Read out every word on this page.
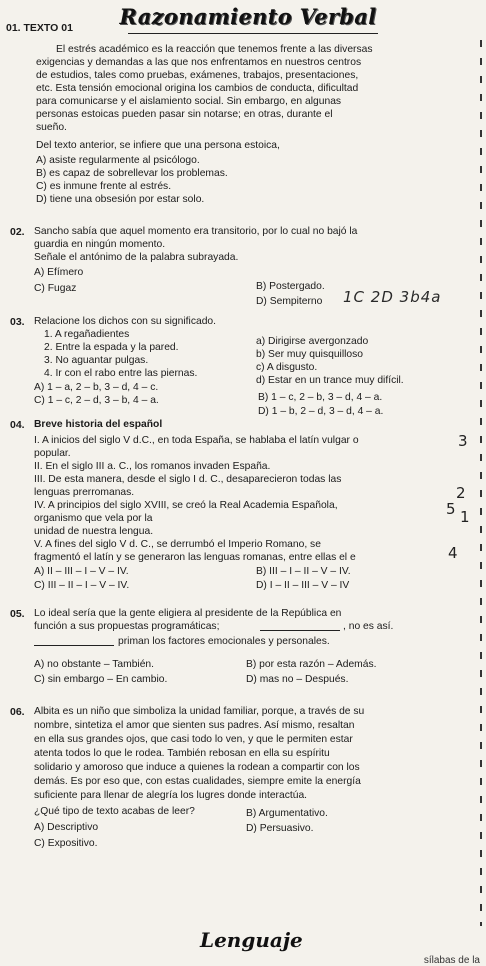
Razonamiento Verbal
01. TEXTO 01
El estrés académico es la reacción que tenemos frente a las diversas
exigencias y demandas a las que nos enfrentamos en nuestros centros
de estudios, tales como pruebas, exámenes, trabajos, presentaciones,
etc. Esta tensión emocional origina los cambios de conducta, dificultad
para comunicarse y el aislamiento social. Sin embargo, en algunas
personas estoicas pueden pasar sin notarse; en otras, durante el
sueño.
Del texto anterior, se infiere que una persona estoica,
A) asiste regularmente al psicólogo.
B) es capaz de sobrellevar los problemas.
C) es inmune frente al estrés.
D) tiene una obsesión por estar solo.
02. Sancho sabía que aquel momento era transitorio, por lo cual no bajó la
guardia en ningún momento.
Señale el antónimo de la palabra subrayada.
A) Efímero
B) Postergado.
C) Fugaz
D) Sempiterno 1C 2D 3b4a
03. Relacione los dichos con su significado.
1. A regañadientes
2. Entre la espada y la pared.
3. No aguantar pulgas.
4. Ir con el rabo entre las piernas.
a) Dirigirse avergonzado
b) Ser muy quisquilloso
c) A disgusto.
d) Estar en un trance muy difícil.
A) 1 – a, 2 – b, 3 – d, 4 – c.
B) 1 – c, 2 – b, 3 – d, 4 – a.
C) 1 – c, 2 – d, 3 – b, 4 – a.
D) 1 – b, 2 – d, 3 – d, 4 – a.
04. Breve historia del español
I. A inicios del siglo V d.C., en toda España, se hablaba el latín vulgar o
popular.
II. En el siglo III a. C., los romanos invaden España.
III. De esta manera, desde el siglo I d. C., desaparecieron todas las
lenguas prerromanas.
IV. A principios del siglo XVIII, se creó la Real Academia Española,
organismo que vela por la
unidad de nuestra lengua.
V. A fines del siglo V d. C., se derrumbó el Imperio Romano, se
fragmentó el latín y se generaron las lenguas romanas, entre ellas el e
A) II – III – I – V – IV.	B) III – I – II – V – IV.
C) III – II – I – V – IV.	D) I – II – III – V – IV
3
1
2
5
4
05. Lo ideal sería que la gente eligiera al presidente de la República en
función a sus propuestas programáticas;	, no es así.
priman los factores emocionales y personales.
A) no obstante – También.	B) por esta razón – Además.
C) sin embargo – En cambio.	D) mas no – Después.
06. Albita es un niño que simboliza la unidad familiar, porque, a través de su
nombre, sintetiza el amor que sienten sus padres. Así mismo, resaltan
en ella sus grandes ojos, que casi todo lo ven, y que le permiten estar
atenta todos lo que le rodea. También rebosan en ella su espíritu
solidario y amoroso que induce a quienes la rodean a compartir con los
demás. Es por eso que, con estas cualidades, siempre emite la energía
suficiente para llenar de alegría los lugres donde interactúa.
¿Qué tipo de texto acabas de leer?
A) Descriptivo
B) Argumentativo.
C) Expositivo.
D) Persuasivo.
Lenguaje
sílabas de la
